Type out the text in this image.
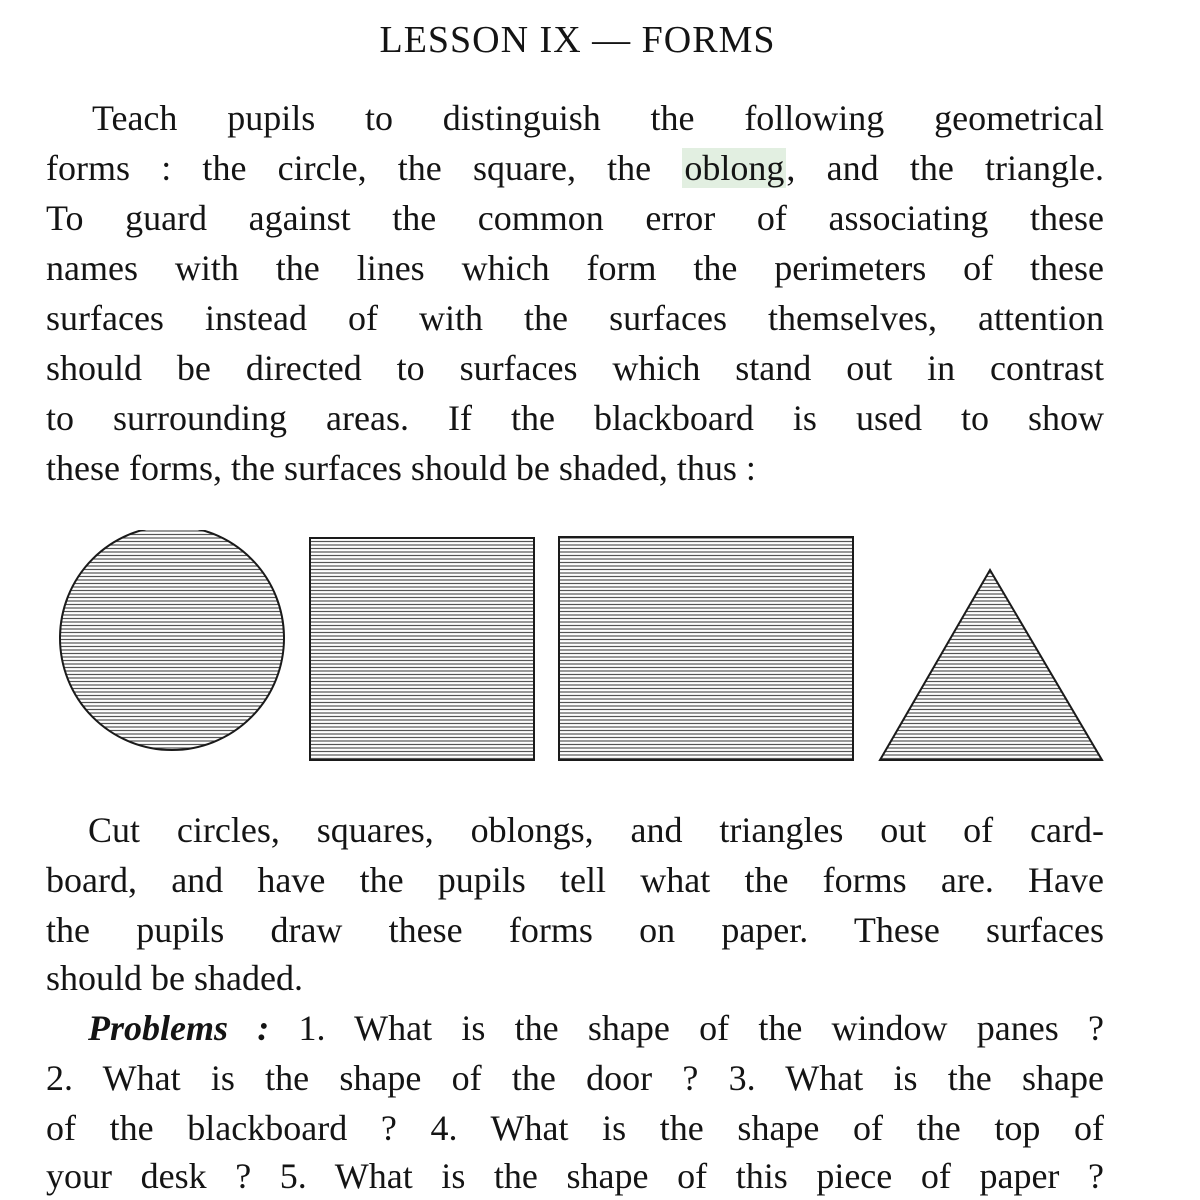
LESSON IX — FORMS
Teach pupils to distinguish the following geometrical
forms : the circle, the square, the oblong, and the triangle.
To guard against the common error of associating these
names with the lines which form the perimeters of these
surfaces instead of with the surfaces themselves, attention
should be directed to surfaces which stand out in contrast
to surrounding areas. If the blackboard is used to show
these forms, the surfaces should be shaded, thus :
Cut circles, squares, oblongs, and triangles out of card-
board, and have the pupils tell what the forms are. Have
the pupils draw these forms on paper. These surfaces
should be shaded.
Problems : 1. What is the shape of the window panes ?
2. What is the shape of the door ? 3. What is the shape
of the blackboard ? 4. What is the shape of the top of
your desk ? 5. What is the shape of this piece of paper ?
